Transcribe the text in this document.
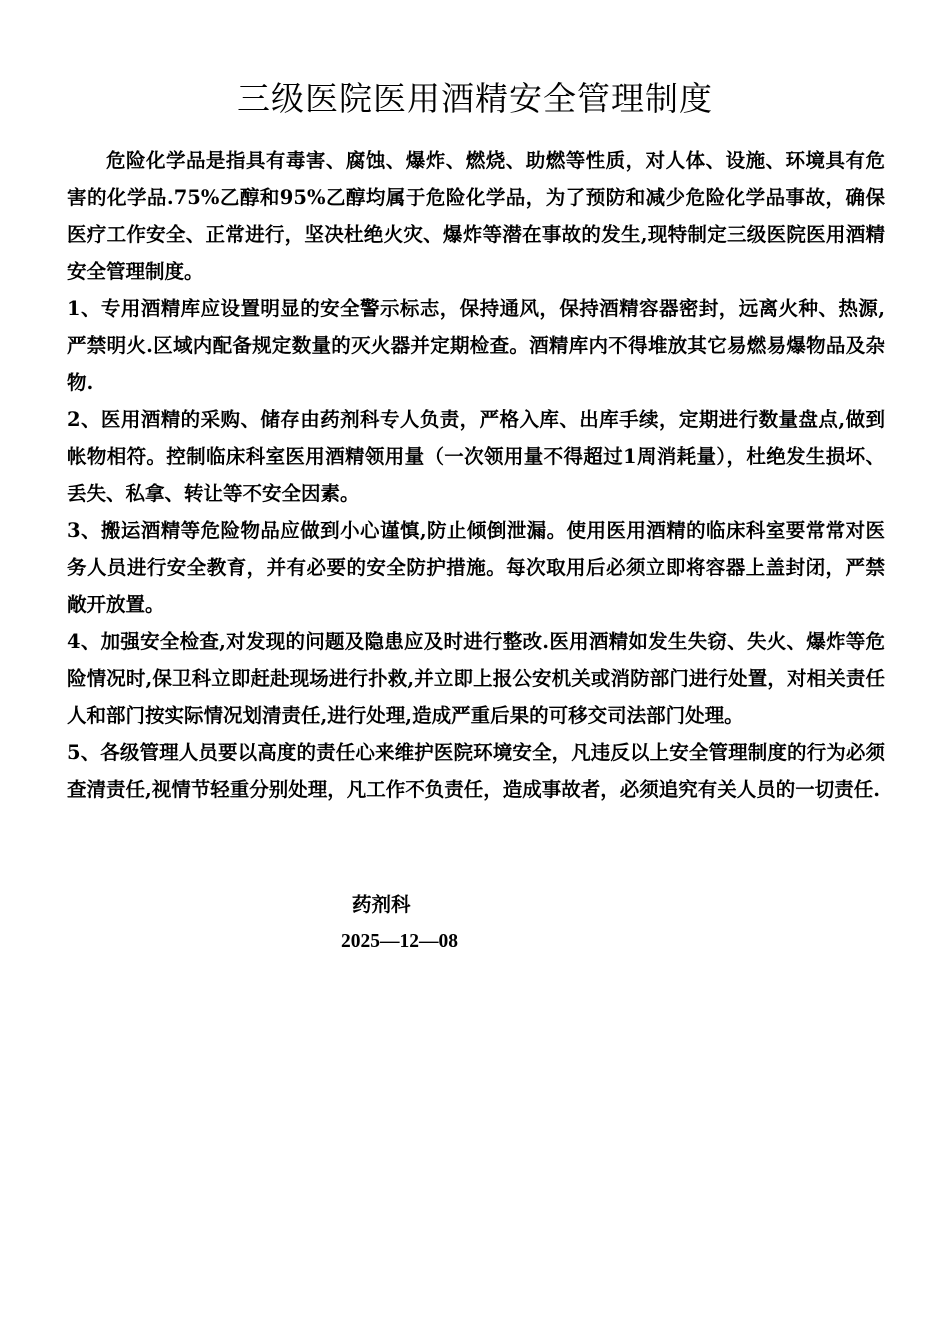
三级医院医用酒精安全管理制度

危险化学品是指具有毒害、腐蚀、爆炸、燃烧、助燃等性质，对人体、设施、环境具有危害的化学品.75%乙醇和95%乙醇均属于危险化学品，为了预防和减少危险化学品事故，确保医疗工作安全、正常进行，坚决杜绝火灾、爆炸等潜在事故的发生,现特制定三级医院医用酒精安全管理制度。

1、专用酒精库应设置明显的安全警示标志，保持通风，保持酒精容器密封，远离火种、热源,严禁明火.区域内配备规定数量的灭火器并定期检查。酒精库内不得堆放其它易燃易爆物品及杂物.

2、医用酒精的采购、储存由药剂科专人负责，严格入库、出库手续，定期进行数量盘点,做到帐物相符。控制临床科室医用酒精领用量（一次领用量不得超过1周消耗量），杜绝发生损坏、丢失、私拿、转让等不安全因素。

3、搬运酒精等危险物品应做到小心谨慎,防止倾倒泄漏。使用医用酒精的临床科室要常常对医务人员进行安全教育，并有必要的安全防护措施。每次取用后必须立即将容器上盖封闭，严禁敞开放置。

4、加强安全检查,对发现的问题及隐患应及时进行整改.医用酒精如发生失窃、失火、爆炸等危险情况时,保卫科立即赶赴现场进行扑救,并立即上报公安机关或消防部门进行处置，对相关责任人和部门按实际情况划清责任,进行处理,造成严重后果的可移交司法部门处理。

5、各级管理人员要以高度的责任心来维护医院环境安全，凡违反以上安全管理制度的行为必须查清责任,视情节轻重分别处理，凡工作不负责任，造成事故者，必须追究有关人员的一切责任.

药剂科
2025—12—08
